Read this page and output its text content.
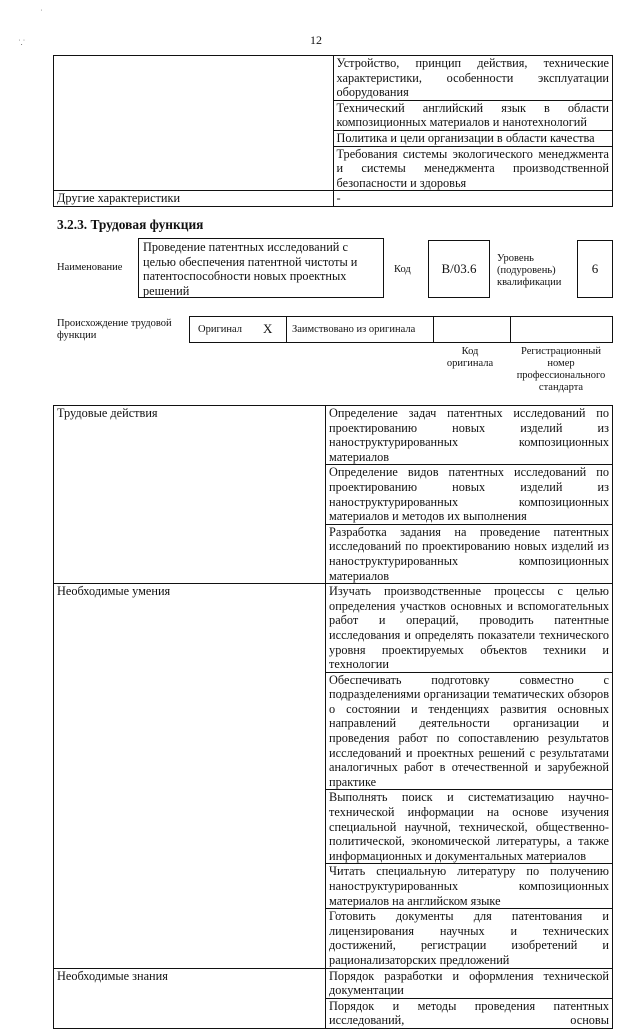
˙
˙.˙	12
	Устройство, принцип действия, технические характеристики, особенности эксплуатации оборудования
	Технический английский язык в области композиционных материалов и нанотехнологий
	Политика и цели организации в области качества
	Требования системы экологического менеджмента и системы менеджмента производственной безопасности и здоровья
Другие характеристики	-
3.2.3. Трудовая функция
Наименование
Проведение патентных исследований с целью обеспечения патентной чистоты и патентоспособности новых проектных решений
Код	B/03.6
Уровень (подуровень) квалификации
6
Происхождение трудовой функции
Оригинал X Заимствовано из оригинала
Код оригинала
Регистрационный номер профессионального стандарта
Трудовые действия	Определение задач патентных исследований по проектированию новых изделий из наноструктурированных композиционных материалов
	Определение видов патентных исследований по проектированию новых изделий из наноструктурированных композиционных материалов и методов их выполнения
	Разработка задания на проведение патентных исследований по проектированию новых изделий из наноструктурированных композиционных материалов
Необходимые умения	Изучать производственные процессы с целью определения участков основных и вспомогательных работ и операций, проводить патентные исследования и определять показатели технического уровня проектируемых объектов техники и технологии
	Обеспечивать подготовку совместно с подразделениями организации тематических обзоров о состоянии и тенденциях развития основных направлений деятельности организации и проведения работ по сопоставлению результатов исследований и проектных решений с результатами аналогичных работ в отечественной и зарубежной практике
	Выполнять поиск и систематизацию научно-технической информации на основе изучения специальной научной, технической, общественно-политической, экономической литературы, а также информационных и документальных материалов
	Читать специальную литературу по получению наноструктурированных композиционных материалов на английском языке
	Готовить документы для патентования и лицензирования научных и технических достижений, регистрации изобретений и рационализаторских предложений
Необходимые знания	Порядок разработки и оформления технической документации
	Порядок и методы проведения патентных исследований, основы
